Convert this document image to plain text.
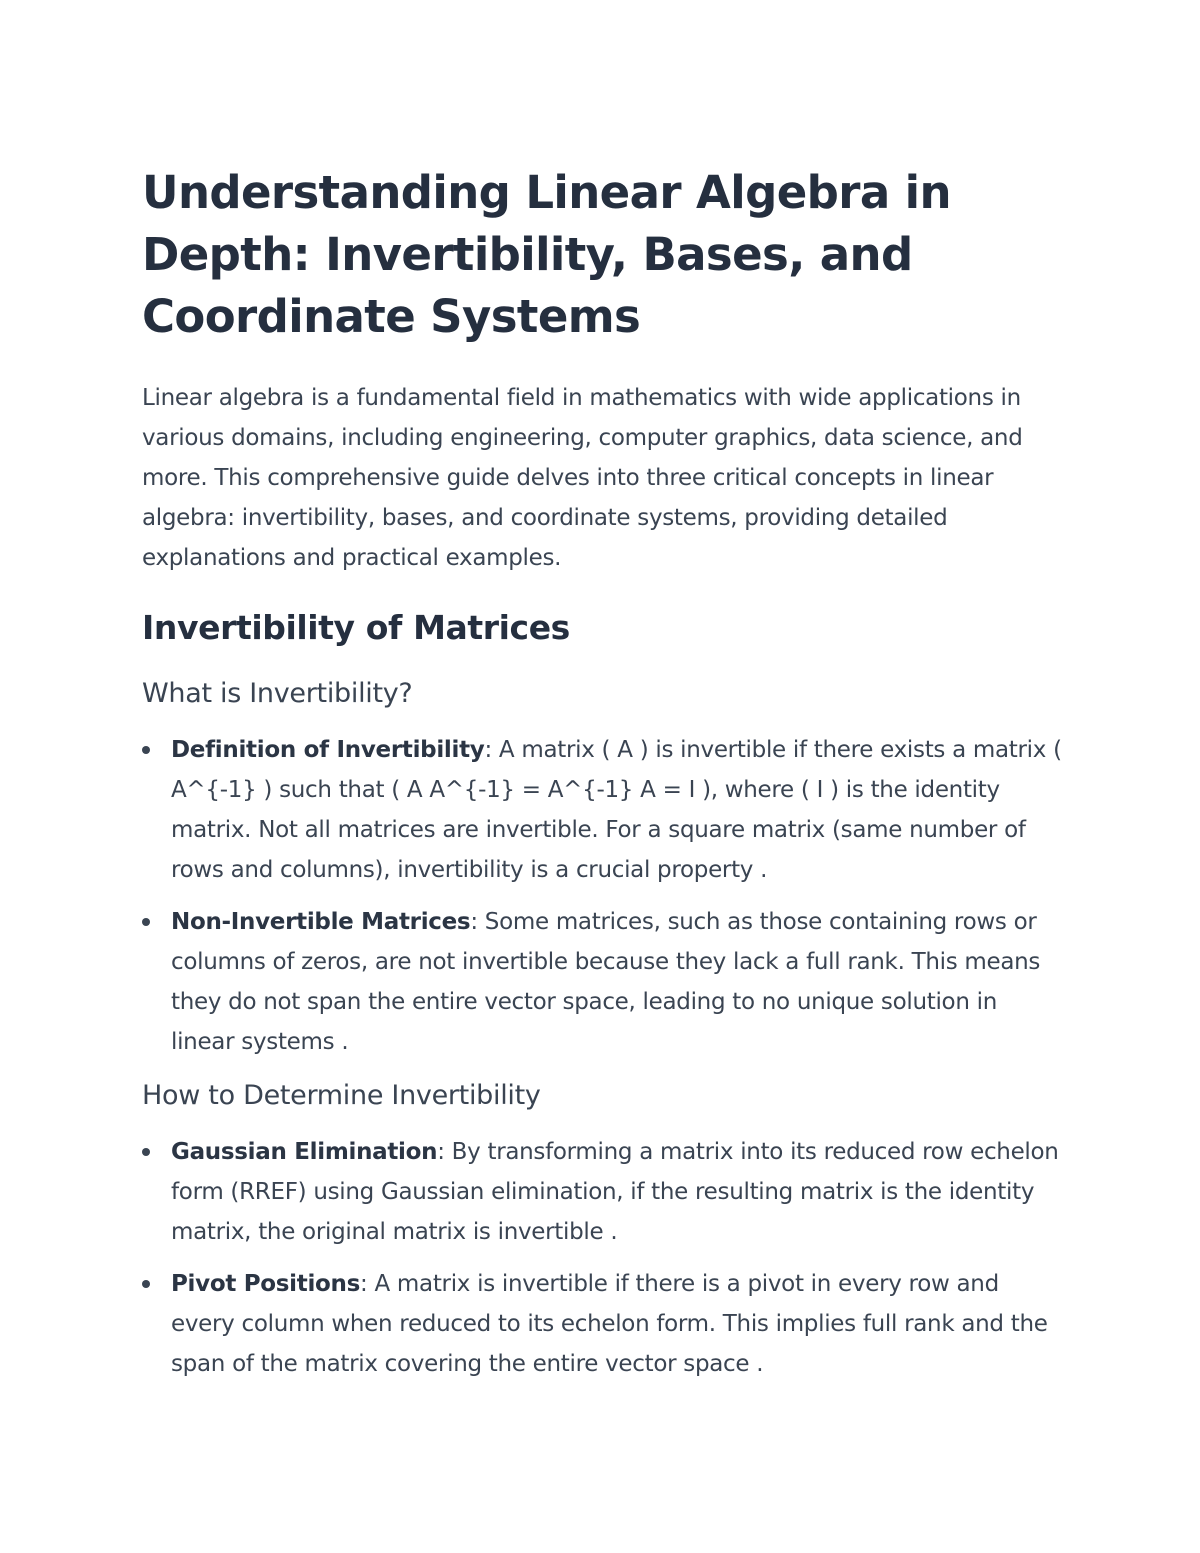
Understanding Linear Algebra in Depth: Invertibility, Bases, and Coordinate Systems

Linear algebra is a fundamental field in mathematics with wide applications in various domains, including engineering, computer graphics, data science, and more. This comprehensive guide delves into three critical concepts in linear algebra: invertibility, bases, and coordinate systems, providing detailed explanations and practical examples.

Invertibility of Matrices
What is Invertibility?
Definition of Invertibility: A matrix ( A ) is invertible if there exists a matrix ( A^{-1} ) such that ( A A^{-1} = A^{-1} A = I ), where ( I ) is the identity matrix. Not all matrices are invertible. For a square matrix (same number of rows and columns), invertibility is a crucial property .
Non-Invertible Matrices: Some matrices, such as those containing rows or columns of zeros, are not invertible because they lack a full rank. This means they do not span the entire vector space, leading to no unique solution in linear systems .
How to Determine Invertibility
Gaussian Elimination: By transforming a matrix into its reduced row echelon form (RREF) using Gaussian elimination, if the resulting matrix is the identity matrix, the original matrix is invertible .
Pivot Positions: A matrix is invertible if there is a pivot in every row and every column when reduced to its echelon form. This implies full rank and the span of the matrix covering the entire vector space .
